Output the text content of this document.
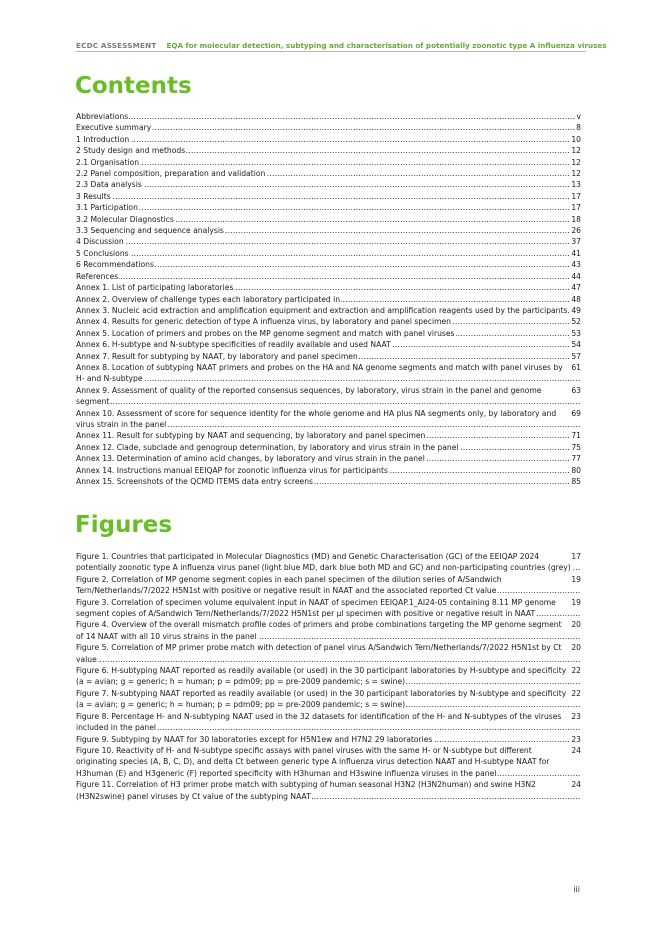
ECDC ASSESSMENT EQA for molecular detection, subtyping and characterisation of potentially zoonotic type A influenza viruses
Contents
..... v
Abbreviations
..... 8
Executive summary
..... 10
1 Introduction
..... 12
2 Study design and methods
..... 12
2.1 Organisation
..... 12
2.2 Panel composition, preparation and validation
..... 13
2.3 Data analysis
..... 17
3 Results
..... 17
3.1 Participation
..... 18
3.2 Molecular Diagnostics
..... 26
3.3 Sequencing and sequence analysis
..... 37
4 Discussion
..... 41
5 Conclusions
..... 43
6 Recommendations
..... 44
References
..... 47
Annex 1. List of participating laboratories
..... 48
Annex 2. Overview of challenge types each laboratory participated in
..... 49
Annex 3. Nucleic acid extraction and amplification equipment and extraction and amplification reagents used by the participants
..... 52
Annex 4. Results for generic detection of type A influenza virus, by laboratory and panel specimen
..... 53
Annex 5. Location of primers and probes on the MP genome segment and match with panel viruses
..... 54
Annex 6. H-subtype and N-subtype specificities of readily available and used NAAT
..... 57
Annex 7. Result for subtyping by NAAT, by laboratory and panel specimen
..... 61
Annex 8. Location of subtyping NAAT primers and probes on the HA and NA genome segments and match with panel viruses by H- and N-subtype
..... 63
Annex 9. Assessment of quality of the reported consensus sequences, by laboratory, virus strain in the panel and genome segment
..... 69
Annex 10. Assessment of score for sequence identity for the whole genome and HA plus NA segments only, by laboratory and virus strain in the panel
..... 71
Annex 11. Result for subtyping by NAAT and sequencing, by laboratory and panel specimen
..... 75
Annex 12. Clade, subclade and genogroup determination, by laboratory and virus strain in the panel
..... 77
Annex 13. Determination of amino acid changes, by laboratory and virus strain in the panel
..... 80
Annex 14. Instructions manual EEIQAP for zoonotic influenza virus for participants
..... 85
Annex 15. Screenshots of the QCMD ITEMS data entry screens
Figures
..... 17
Figure 1. Countries that participated in Molecular Diagnostics (MD) and Genetic Characterisation (GC) of the EEIQAP 2024 potentially zoonotic type A influenza virus panel (light blue MD, dark blue both MD and GC) and non-participating countries (grey)
..... 19
Figure 2. Correlation of MP genome segment copies in each panel specimen of the dilution series of A/Sandwich Tern/Netherlands/7/2022 H5N1st with positive or negative result in NAAT and the associated reported Ct value
..... 19
Figure 3. Correlation of specimen volume equivalent input in NAAT of specimen EEIQAP.1_AI24-05 containing 8.11 MP genome segment copies of A/Sandwich Tern/Netherlands/7/2022 H5N1st per µl specimen with positive or negative result in NAAT
..... 20
Figure 4. Overview of the overall mismatch profile codes of primers and probe combinations targeting the MP genome segment of 14 NAAT with all 10 virus strains in the panel
..... 20
Figure 5. Correlation of MP primer probe match with detection of panel virus A/Sandwich Tern/Netherlands/7/2022 H5N1st by Ct value
..... 22
Figure 6. H-subtyping NAAT reported as readily available (or used) in the 30 participant laboratories by H-subtype and specificity (a = avian; g = generic; h = human; p = pdm09; pp = pre-2009 pandemic; s = swine)
..... 22
Figure 7. N-subtyping NAAT reported as readily available (or used) in the 30 participant laboratories by N-subtype and specificity (a = avian; g = generic; h = human; p = pdm09; pp = pre-2009 pandemic; s = swine)
..... 23
Figure 8. Percentage H- and N-subtyping NAAT used in the 32 datasets for identification of the H- and N-subtypes of the viruses included in the panel
..... 23
Figure 9. Subtyping by NAAT for 30 laboratories except for H5N1ew and H7N2 29 laboratories
..... 24
Figure 10. Reactivity of H- and N-subtype specific assays with panel viruses with the same H- or N-subtype but different originating species (A, B, C, D), and delta Ct between generic type A influenza virus detection NAAT and H-subtype NAAT for H3human (E) and H3generic (F) reported specificity with H3human and H3swine influenza viruses in the panel
..... 24
Figure 11. Correlation of H3 primer probe match with subtyping of human seasonal H3N2 (H3N2human) and swine H3N2 (H3N2swine) panel viruses by Ct value of the subtyping NAAT
iii
